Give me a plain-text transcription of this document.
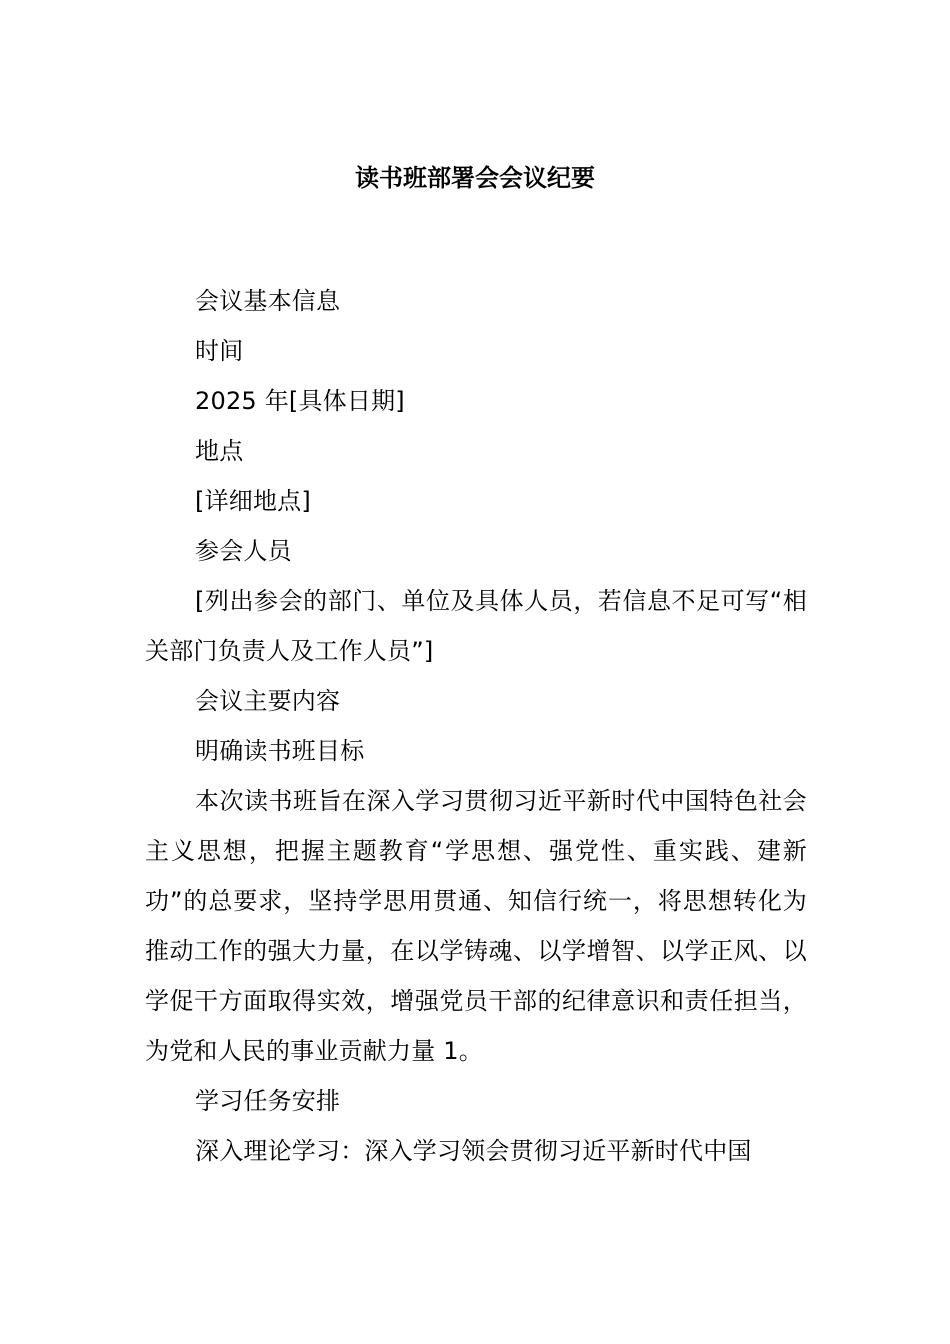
读书班部署会会议纪要

会议基本信息

时间

2025 年[具体日期]

地点

[详细地点]

参会人员

[列出参会的部门、单位及具体人员，若信息不足可写“相关部门负责人及工作人员”]

会议主要内容

明确读书班目标

本次读书班旨在深入学习贯彻习近平新时代中国特色社会主义思想，把握主题教育“学思想、强党性、重实践、建新功”的总要求，坚持学思用贯通、知信行统一，将思想转化为推动工作的强大力量，在以学铸魂、以学增智、以学正风、以学促干方面取得实效，增强党员干部的纪律意识和责任担当，为党和人民的事业贡献力量 1。

学习任务安排

深入理论学习：深入学习领会贯彻习近平新时代中国
